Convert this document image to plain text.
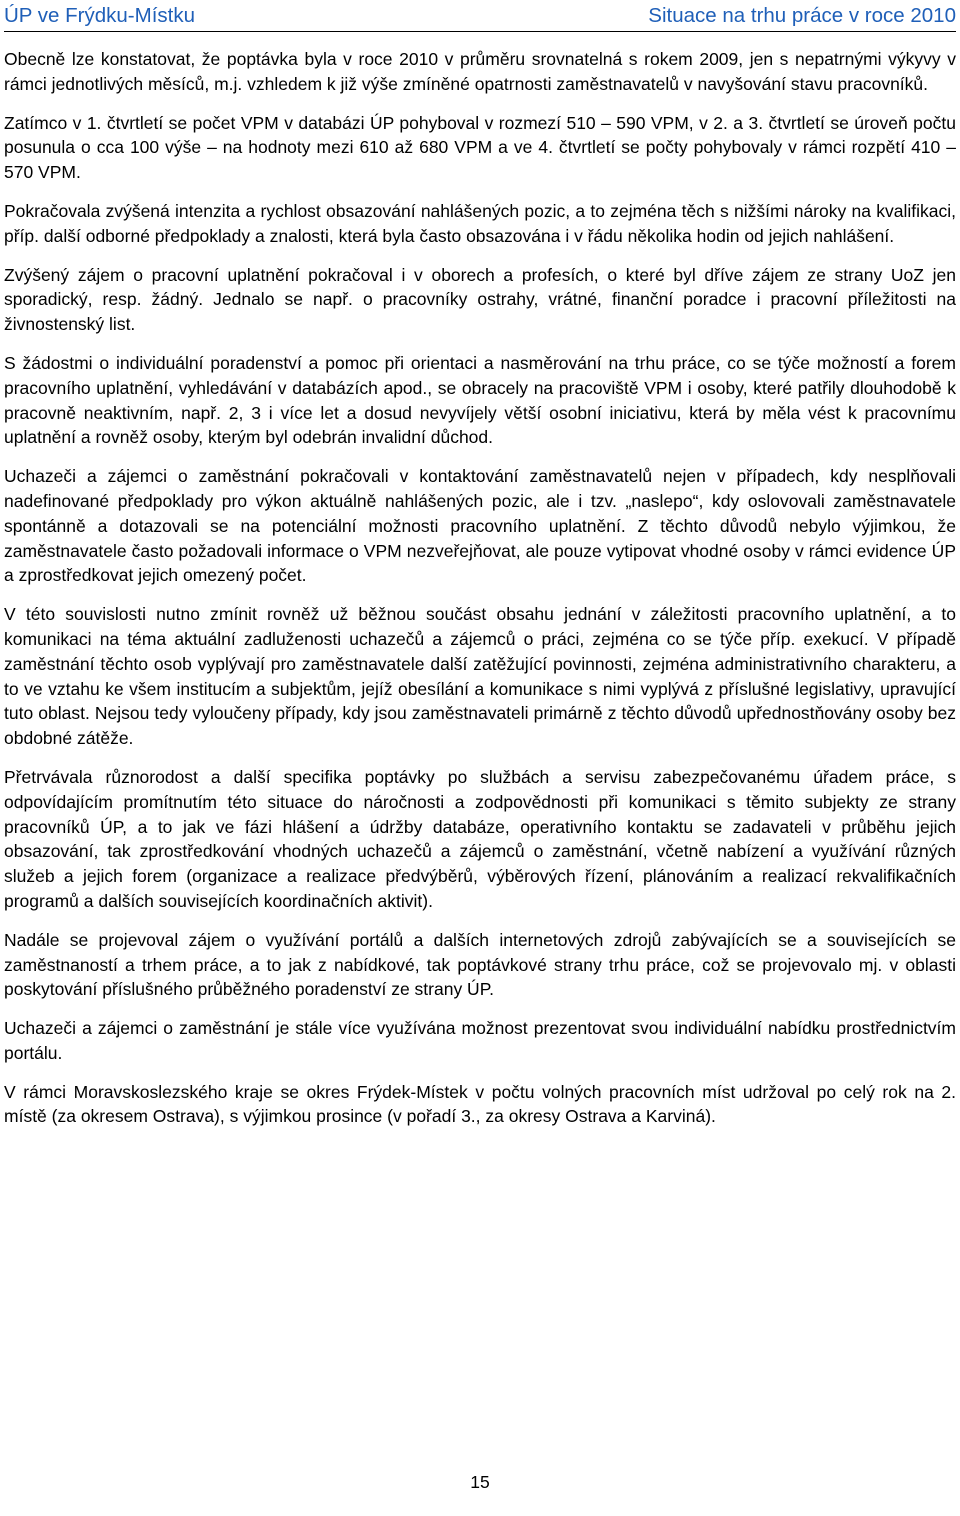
ÚP ve Frýdku-Místku	Situace na trhu práce v roce 2010

Obecně lze konstatovat, že poptávka byla v roce 2010 v průměru srovnatelná s rokem 2009, jen s nepatrnými výkyvy v rámci jednotlivých měsíců, m.j. vzhledem k již výše zmíněné opatrnosti zaměstnavatelů v navyšování stavu pracovníků.

Zatímco v 1. čtvrtletí se počet VPM v databázi ÚP pohyboval v rozmezí 510 – 590 VPM, v 2. a 3. čtvrtletí se úroveň počtu posunula o cca 100 výše – na hodnoty mezi 610 až 680 VPM a ve 4. čtvrtletí se počty pohybovaly v rámci rozpětí 410 – 570 VPM.

Pokračovala zvýšená intenzita a rychlost obsazování nahlášených pozic, a to zejména těch s nižšími nároky na kvalifikaci, příp. další odborné předpoklady a znalosti, která byla často obsazována i v řádu několika hodin od jejich nahlášení.

Zvýšený zájem o pracovní uplatnění pokračoval i v oborech a profesích, o které byl dříve zájem ze strany UoZ jen sporadický, resp. žádný. Jednalo se např. o pracovníky ostrahy, vrátné, finanční poradce i pracovní příležitosti na živnostenský list.

S žádostmi o individuální poradenství a pomoc při orientaci a nasměrování na trhu práce, co se týče možností a forem pracovního uplatnění, vyhledávání v databázích apod., se obracely na pracoviště VPM i osoby, které patřily dlouhodobě k pracovně neaktivním, např. 2, 3 i více let a dosud nevyvíjely větší osobní iniciativu, která by měla vést k pracovnímu uplatnění a rovněž osoby, kterým byl odebrán invalidní důchod.

Uchazeči a zájemci o zaměstnání pokračovali v kontaktování zaměstnavatelů nejen v případech, kdy nesplňovali nadefinované předpoklady pro výkon aktuálně nahlášených pozic, ale i tzv. „naslepo“, kdy oslovovali zaměstnavatele spontánně a dotazovali se na potenciální možnosti pracovního uplatnění. Z těchto důvodů nebylo výjimkou, že zaměstnavatele často požadovali informace o VPM nezveřejňovat, ale pouze vytipovat vhodné osoby v rámci evidence ÚP a zprostředkovat jejich omezený počet.

V této souvislosti nutno zmínit rovněž už běžnou součást obsahu jednání v záležitosti pracovního uplatnění, a to komunikaci na téma aktuální zadluženosti uchazečů a zájemců o práci, zejména co se týče příp. exekucí. V případě zaměstnání těchto osob vyplývají pro zaměstnavatele další zatěžující povinnosti, zejména administrativního charakteru, a to ve vztahu ke všem institucím a subjektům, jejíž obesílání a komunikace s nimi vyplývá z příslušné legislativy, upravující tuto oblast. Nejsou tedy vyloučeny případy, kdy jsou zaměstnavateli primárně z těchto důvodů upřednostňovány osoby bez obdobné zátěže.

Přetrvávala různorodost a další specifika poptávky po službách a servisu zabezpečovanému úřadem práce, s odpovídajícím promítnutím této situace do náročnosti a zodpovědnosti při komunikaci s těmito subjekty ze strany pracovníků ÚP, a to jak ve fázi hlášení a údržby databáze, operativního kontaktu se zadavateli v průběhu jejich obsazování, tak zprostředkování vhodných uchazečů a zájemců o zaměstnání, včetně nabízení a využívání různých služeb a jejich forem (organizace a realizace předvýběrů, výběrových řízení, plánováním a realizací rekvalifikačních programů a dalších souvisejících koordinačních aktivit).

Nadále se projevoval zájem o využívání portálů a dalších internetových zdrojů zabývajících se a souvisejících se zaměstnaností a trhem práce, a to jak z nabídkové, tak poptávkové strany trhu práce, což se projevovalo mj. v oblasti poskytování příslušného průběžného poradenství ze strany ÚP.

Uchazeči a zájemci o zaměstnání je stále více využívána možnost prezentovat svou individuální nabídku prostřednictvím portálu.

V rámci Moravskoslezského kraje se okres Frýdek-Místek v počtu volných pracovních míst udržoval po celý rok na 2. místě (za okresem Ostrava), s výjimkou prosince (v pořadí 3., za okresy Ostrava a Karviná).

15
